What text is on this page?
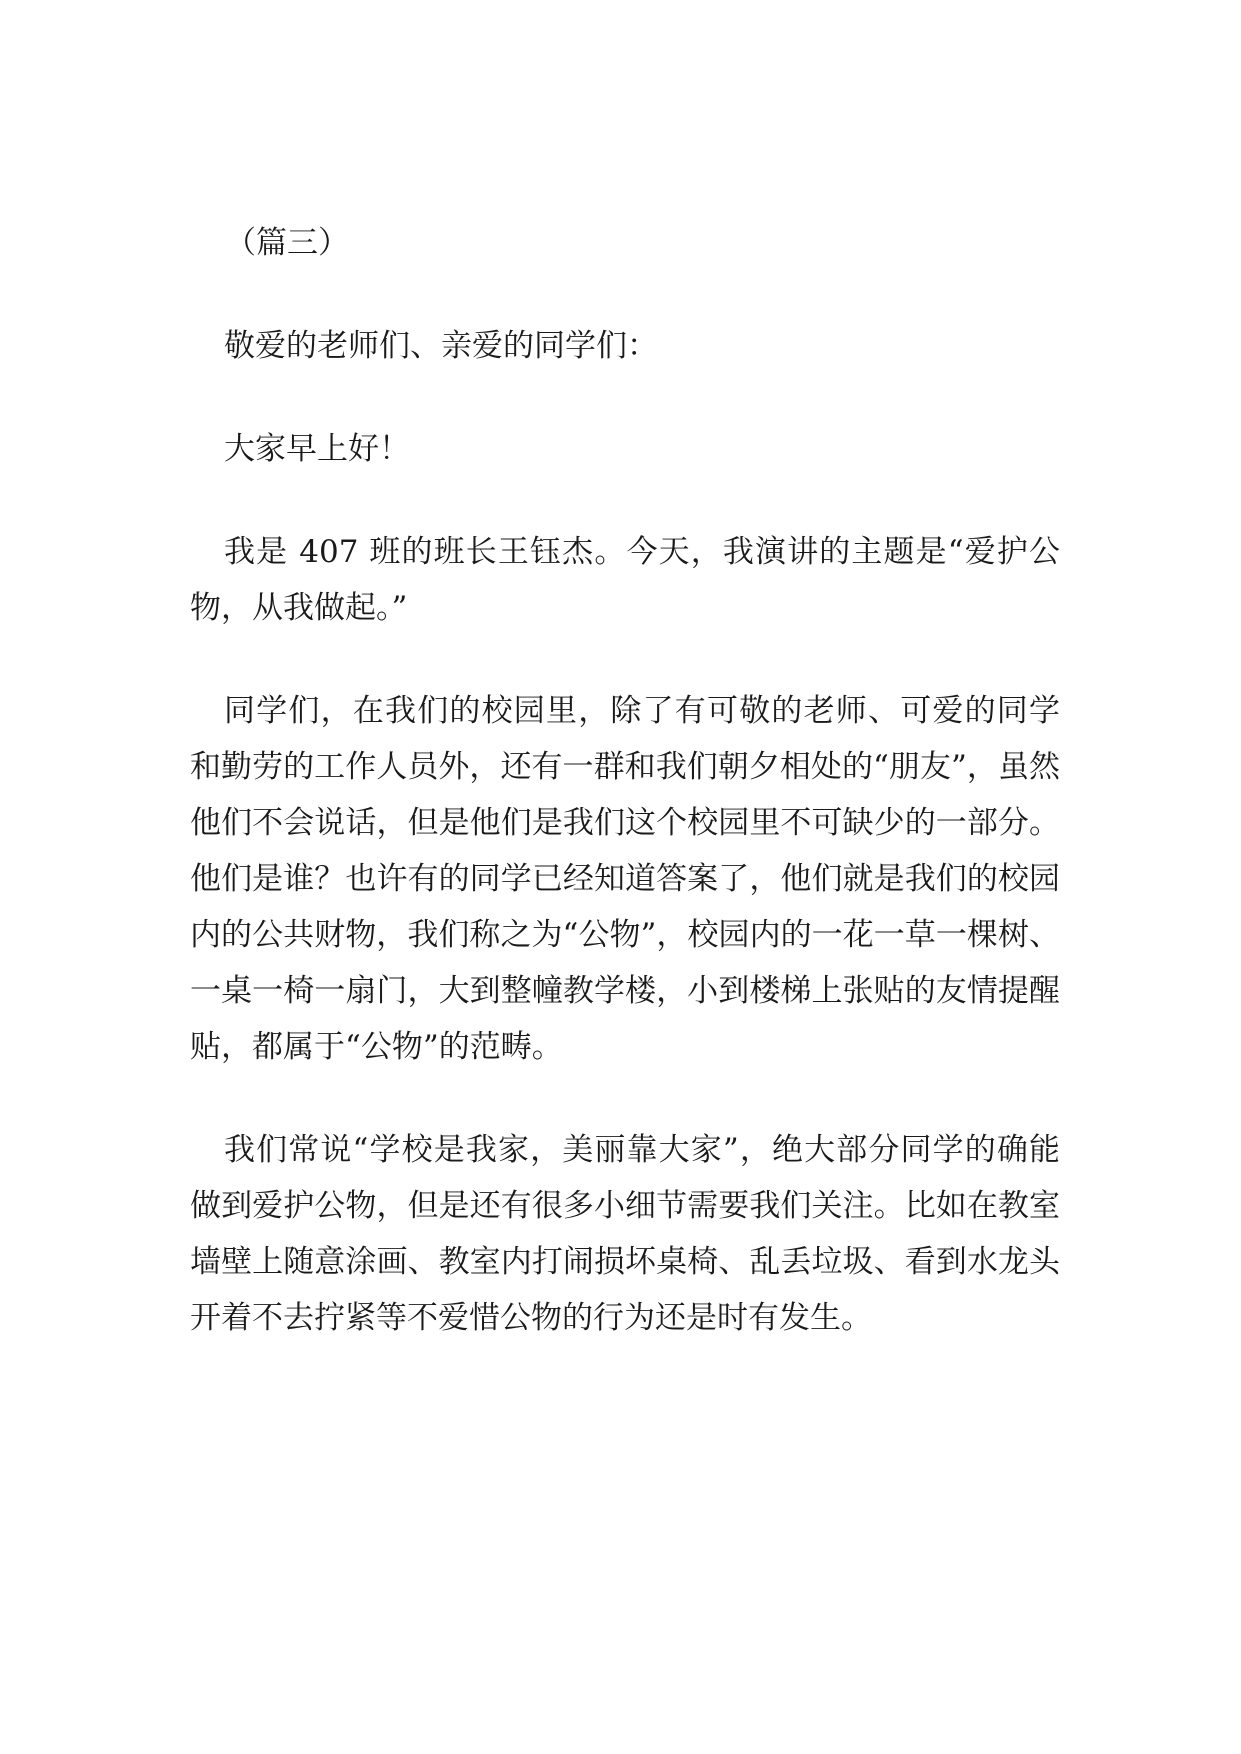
（篇三）
敬爱的老师们、亲爱的同学们：
大家早上好！
我是 407 班的班长王钰杰。今天，我演讲的主题是“爱护公物，从我做起。”
同学们，在我们的校园里，除了有可敬的老师、可爱的同学和勤劳的工作人员外，还有一群和我们朝夕相处的“朋友”，虽然他们不会说话，但是他们是我们这个校园里不可缺少的一部分。他们是谁？也许有的同学已经知道答案了，他们就是我们的校园内的公共财物，我们称之为“公物”，校园内的一花一草一棵树、一桌一椅一扇门，大到整幢教学楼，小到楼梯上张贴的友情提醒贴，都属于“公物”的范畴。
我们常说“学校是我家，美丽靠大家”，绝大部分同学的确能做到爱护公物，但是还有很多小细节需要我们关注。比如在教室墙壁上随意涂画、教室内打闹损坏桌椅、乱丢垃圾、看到水龙头开着不去拧紧等不爱惜公物的行为还是时有发生。
